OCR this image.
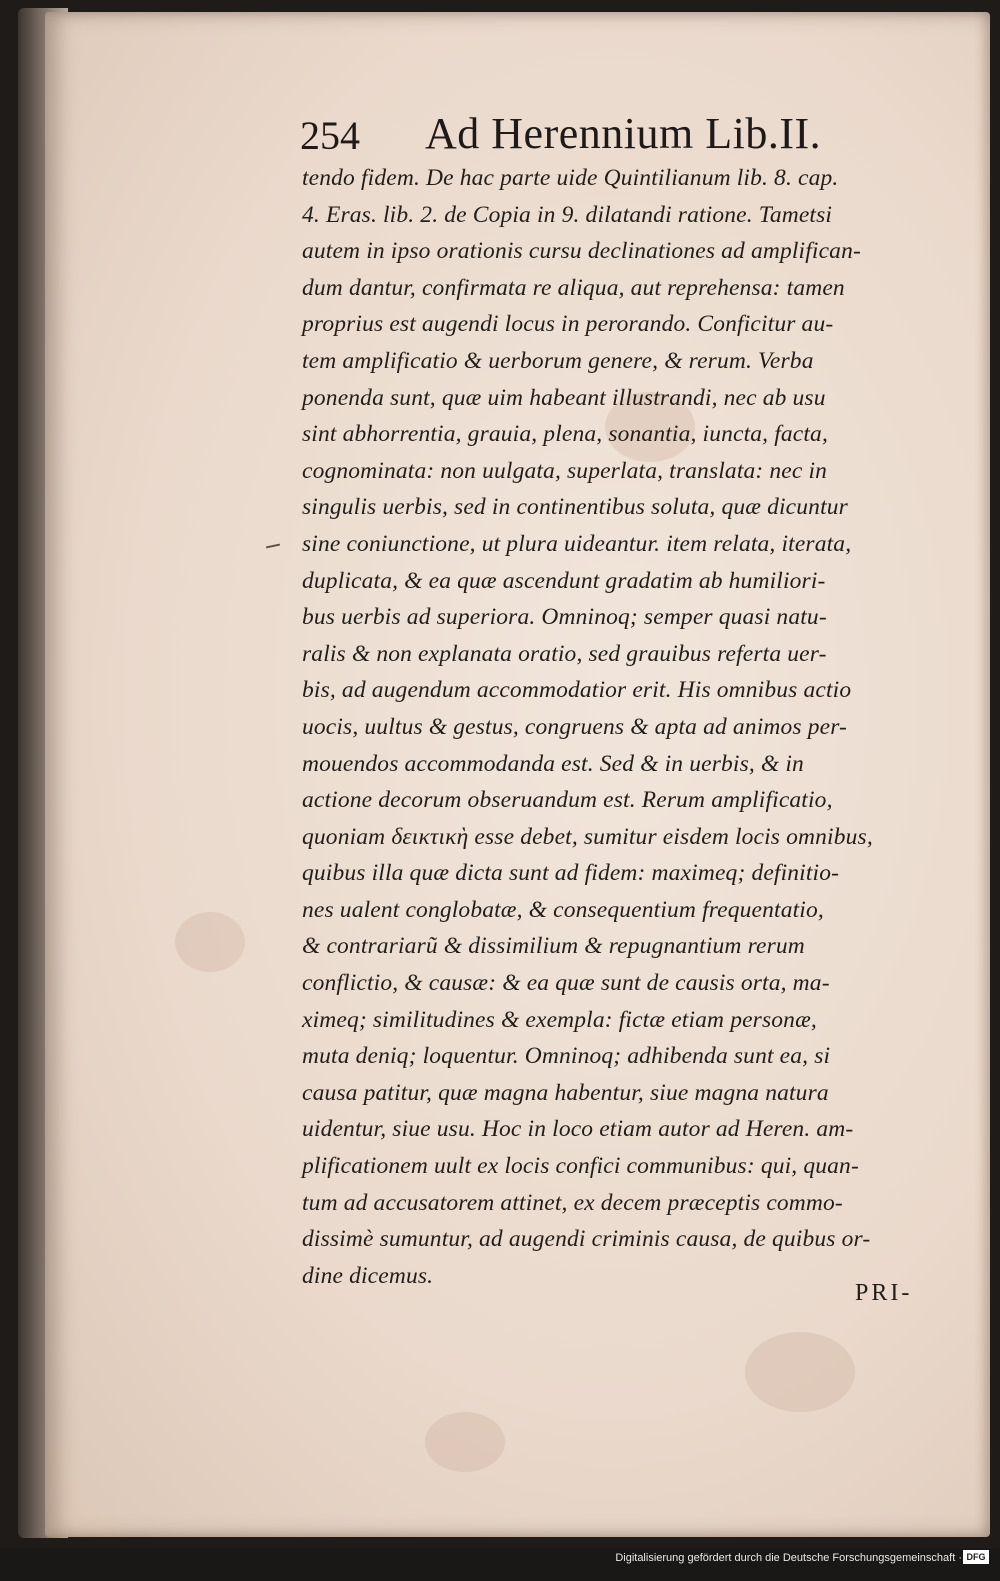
254 Ad Herennium Lib.II.
tendo fidem. De hac parte uide Quintilianum lib. 8. cap.
4. Eras. lib. 2. de Copia in 9. dilatandi ratione. Tametsi
autem in ipso orationis cursu declinationes ad amplifican-
dum dantur, confirmata re aliqua, aut reprehensa: tamen
proprius est augendi locus in perorando. Conficitur au-
tem amplificatio & uerborum genere, & rerum. Verba
ponenda sunt, quæ uim habeant illustrandi, nec ab usu
sint abhorrentia, grauia, plena, sonantia, iuncta, facta,
cognominata: non uulgata, superlata, translata: nec in
singulis uerbis, sed in continentibus soluta, quæ dicuntur
sine coniunctione, ut plura uideantur. item relata, iterata,
duplicata, & ea quæ ascendunt gradatim ab humiliori-
bus uerbis ad superiora. Omninoq; semper quasi natu-
ralis & non explanata oratio, sed grauibus referta uer-
bis, ad augendum accommodatior erit. His omnibus actio
uocis, uultus & gestus, congruens & apta ad animos per-
mouendos accommodanda est. Sed & in uerbis, & in
actione decorum obseruandum est. Rerum amplificatio,
quoniam δεικτικὴ esse debet, sumitur eisdem locis omnibus,
quibus illa quæ dicta sunt ad fidem: maximeq; definitio-
nes ualent conglobatæ, & consequentium frequentatio,
& contrariarũ & dissimilium & repugnantium rerum
conflictio, & causæ: & ea quæ sunt de causis orta, ma-
ximeq; similitudines & exempla: fictæ etiam personæ,
muta deniq; loquentur. Omninoq; adhibenda sunt ea, si
causa patitur, quæ magna habentur, siue magna natura
uidentur, siue usu. Hoc in loco etiam autor ad Heren. am-
plificationem uult ex locis confici communibus: qui, quan-
tum ad accusatorem attinet, ex decem præceptis commo-
dissimè sumuntur, ad augendi criminis causa, de quibus or-
dine dicemus.
PRI-
Digitalisierung gefördert durch die Deutsche Forschungsgemeinschaft · DFG
